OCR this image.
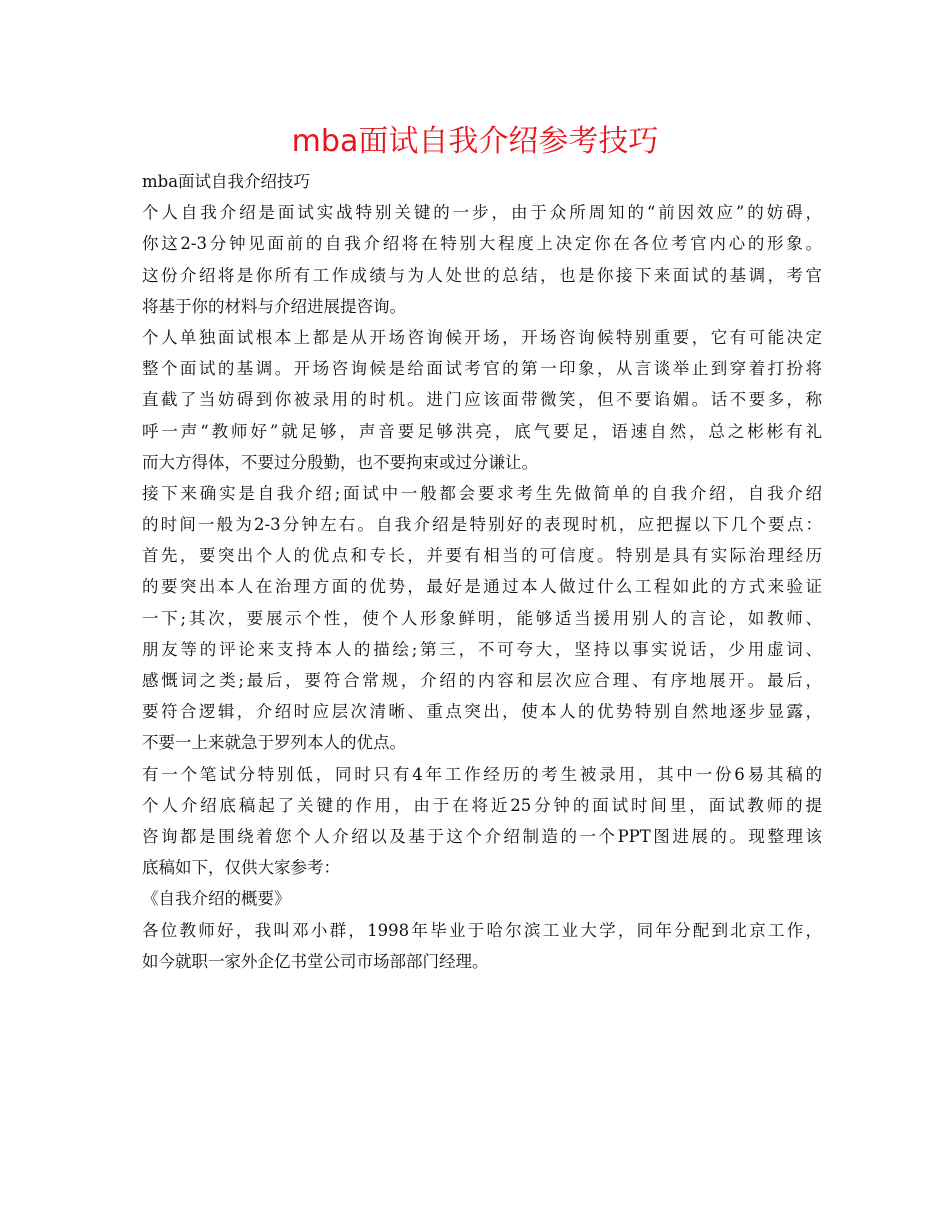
mba面试自我介绍参考技巧
mba面试自我介绍技巧
个人自我介绍是面试实战特别关键的一步，由于众所周知的“前因效应”的妨碍，
你这2-3分钟见面前的自我介绍将在特别大程度上决定你在各位考官内心的形象。
这份介绍将是你所有工作成绩与为人处世的总结，也是你接下来面试的基调，考官
将基于你的材料与介绍进展提咨询。
个人单独面试根本上都是从开场咨询候开场，开场咨询候特别重要，它有可能决定
整个面试的基调。开场咨询候是给面试考官的第一印象，从言谈举止到穿着打扮将
直截了当妨碍到你被录用的时机。进门应该面带微笑，但不要谄媚。话不要多，称
呼一声“教师好”就足够，声音要足够洪亮，底气要足，语速自然，总之彬彬有礼
而大方得体，不要过分殷勤，也不要拘束或过分谦让。
接下来确实是自我介绍;面试中一般都会要求考生先做简单的自我介绍，自我介绍
的时间一般为2-3分钟左右。自我介绍是特别好的表现时机，应把握以下几个要点：
首先，要突出个人的优点和专长，并要有相当的可信度。特别是具有实际治理经历
的要突出本人在治理方面的优势，最好是通过本人做过什么工程如此的方式来验证
一下;其次，要展示个性，使个人形象鲜明，能够适当援用别人的言论，如教师、
朋友等的评论来支持本人的描绘;第三，不可夸大，坚持以事实说话，少用虚词、
感慨词之类;最后，要符合常规，介绍的内容和层次应合理、有序地展开。最后，
要符合逻辑，介绍时应层次清晰、重点突出，使本人的优势特别自然地逐步显露，
不要一上来就急于罗列本人的优点。
有一个笔试分特别低，同时只有4年工作经历的考生被录用，其中一份6易其稿的
个人介绍底稿起了关键的作用，由于在将近25分钟的面试时间里，面试教师的提
咨询都是围绕着您个人介绍以及基于这个介绍制造的一个PPT图进展的。现整理该
底稿如下，仅供大家参考：
《自我介绍的概要》
各位教师好，我叫邓小群，1998年毕业于哈尔滨工业大学，同年分配到北京工作，
如今就职一家外企亿书堂公司市场部部门经理。
